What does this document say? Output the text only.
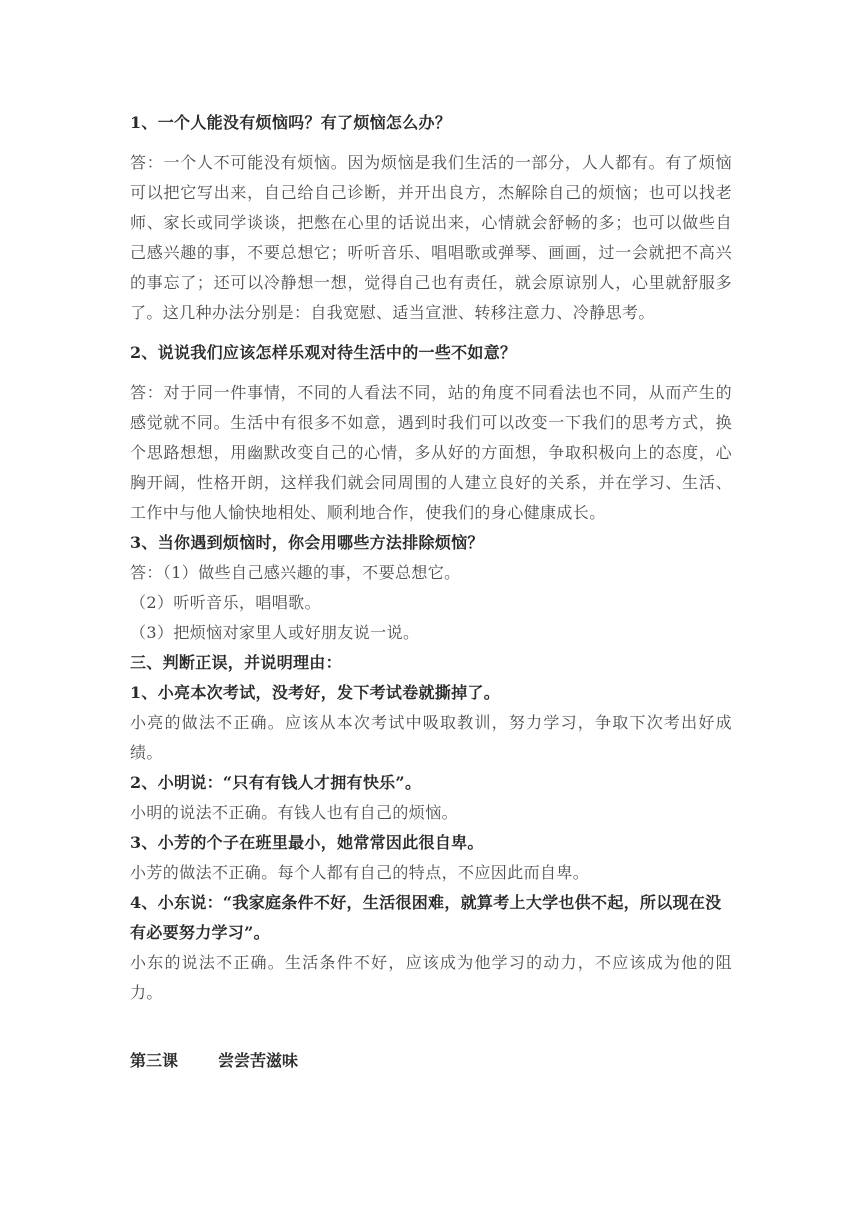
1、一个人能没有烦恼吗？有了烦恼怎么办？

答：一个人不可能没有烦恼。因为烦恼是我们生活的一部分，人人都有。有了烦恼可以把它写出来，自己给自己诊断，并开出良方，杰解除自己的烦恼；也可以找老师、家长或同学谈谈，把憋在心里的话说出来，心情就会舒畅的多；也可以做些自己感兴趣的事，不要总想它；听听音乐、唱唱歌或弹琴、画画，过一会就把不高兴的事忘了；还可以冷静想一想，觉得自己也有责任，就会原谅别人，心里就舒服多了。这几种办法分别是：自我宽慰、适当宣泄、转移注意力、冷静思考。

2、说说我们应该怎样乐观对待生活中的一些不如意？

答：对于同一件事情，不同的人看法不同，站的角度不同看法也不同，从而产生的感觉就不同。生活中有很多不如意，遇到时我们可以改变一下我们的思考方式，换个思路想想，用幽默改变自己的心情，多从好的方面想，争取积极向上的态度，心胸开阔，性格开朗，这样我们就会同周围的人建立良好的关系，并在学习、生活、工作中与他人愉快地相处、顺利地合作，使我们的身心健康成长。

3、当你遇到烦恼时，你会用哪些方法排除烦恼？

答：（1）做些自己感兴趣的事，不要总想它。

（2）听听音乐，唱唱歌。

（3）把烦恼对家里人或好朋友说一说。

三、判断正误，并说明理由：

1、小亮本次考试，没考好，发下考试卷就撕掉了。

小亮的做法不正确。应该从本次考试中吸取教训，努力学习，争取下次考出好成绩。

2、小明说：“只有有钱人才拥有快乐”。

小明的说法不正确。有钱人也有自己的烦恼。

3、小芳的个子在班里最小，她常常因此很自卑。

小芳的做法不正确。每个人都有自己的特点，不应因此而自卑。

4、小东说：“我家庭条件不好，生活很困难，就算考上大学也供不起，所以现在没有必要努力学习”。

小东的说法不正确。生活条件不好，应该成为他学习的动力，不应该成为他的阻力。

第三课 尝尝苦滋味
